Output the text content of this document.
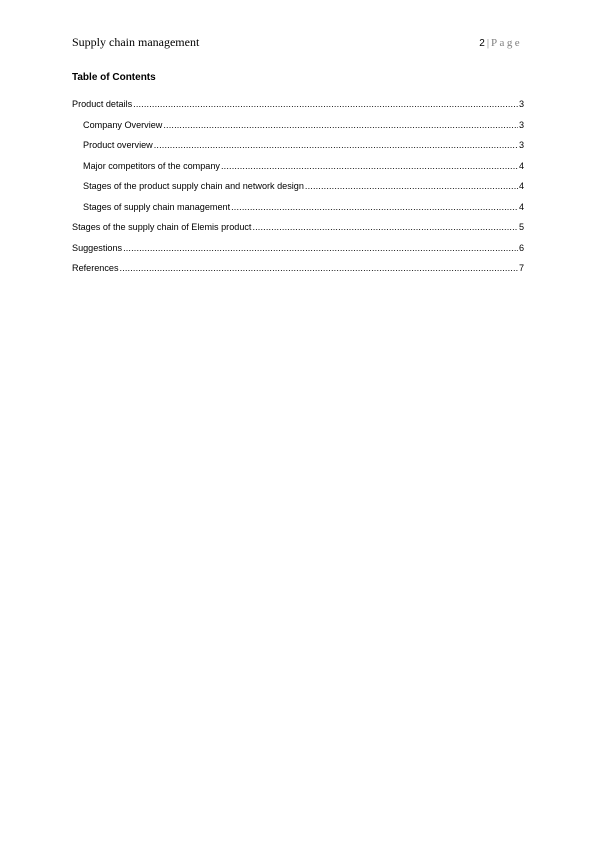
Supply chain management	2 | Page
Table of Contents
Product details .....	3
Company Overview .....	3
Product overview .....	3
Major competitors of the company .....	4
Stages of the product supply chain and network design .....	4
Stages of supply chain management .....	4
Stages of the supply chain of Elemis product .....	5
Suggestions .....	6
References .....	7
